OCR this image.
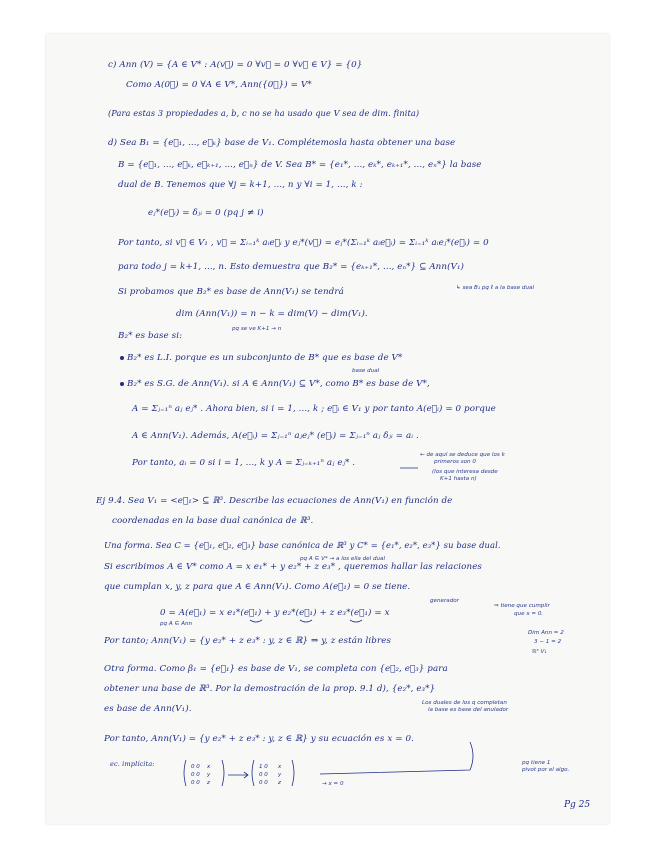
c) Ann (V) = {A ∈ V* : A(v⃗) = 0 ∀v⃗ = 0 ∀v⃗ ∈ V} = {0}
Como A(0⃗) = 0 ∀A ∈ V*, Ann({0⃗}) = V*
(Para estas 3 propiedades a, b, c no se ha usado que V sea de dim. finita)
d) Sea B₁ = {e⃗₁, ..., e⃗ₖ} base de V₁. Complétemosla hasta obtener una base
B = {e⃗₁, ..., e⃗ₖ, e⃗ₖ₊₁, ..., e⃗ₙ} de V. Sea B* = {e₁*, ..., eₖ*, eₖ₊₁*, ..., eₙ*} la base
dual de B. Tenemos que ∀j = k+1, ..., n y ∀i = 1, ..., k :
eⱼ*(e⃗ᵢ) = δⱼᵢ = 0 (pq j ≠ i)
Por tanto, si v⃗ ∈ V₁ , v⃗ = Σᵢ₌₁ᵏ aᵢe⃗ᵢ y eⱼ*(v⃗) = eⱼ*(Σᵢ₌₁ᵏ aᵢe⃗ᵢ) = Σᵢ₌₁ᵏ aᵢeⱼ*(e⃗ᵢ) = 0
para todo j = k+1, ..., n. Esto demuestra que B₂* = {eₖ₊₁*, ..., eₙ*} ⊆ Ann(V₁)
Si probamos que B₂* es base de Ann(V₁) se tendrá
dim (Ann(V₁)) = n − k = dim(V) − dim(V₁).
B₂* es base si:
B₂* es L.I. porque es un subconjunto de B* que es base de V*
B₂* es S.G. de Ann(V₁). si A ∈ Ann(V₁) ⊆ V*, como B* es base de V*,
A = Σⱼ₌₁ⁿ aⱼ eⱼ* . Ahora bien, si i = 1, ..., k ; e⃗ᵢ ∈ V₁ y por tanto A(e⃗ᵢ) = 0 porque
A ∈ Ann(V₁). Además, A(e⃗ᵢ) = Σⱼ₌₁ⁿ aⱼeⱼ* (e⃗ᵢ) = Σⱼ₌₁ⁿ aⱼ δⱼᵢ = aᵢ .
Por tanto, aᵢ = 0 si i = 1, ..., k y A = Σⱼ₌ₖ₊₁ⁿ aⱼ eⱼ* .
Ej 9.4. Sea V₁ = <e⃗₁> ⊆ ℝ³. Describe las ecuaciones de Ann(V₁) en función de
coordenadas en la base dual canónica de ℝ³.
Una forma. Sea C = {e⃗₁, e⃗₂, e⃗₃} base canónica de ℝ³ y C* = {e₁*, e₂*, e₃*} su base dual.
Si escribimos A ∈ V* como A = x e₁* + y e₂* + z e₃* , queremos hallar las relaciones
que cumplan x, y, z para que A ∈ Ann(V₁). Como A(e⃗₁) = 0 se tiene.
0 = A(e⃗₁) = x e₁*(e⃗₁) + y e₂*(e⃗₁) + z e₃*(e⃗₁) = x
Por tanto; Ann(V₁) = {y e₂* + z e₃* : y, z ∈ ℝ} ⇒ y, z están libres
Otra forma. Como β₁ = {e⃗₁} es base de V₁, se completa con {e⃗₂, e⃗₃} para
obtener una base de ℝ³. Por la demostración de la prop. 9.1 d), {e₂*, e₃*}
es base de Ann(V₁).
Por tanto, Ann(V₁) = {y e₂* + z e₃* : y, z ∈ ℝ} y su ecuación es x = 0.
ec. implícita:
↳ sea B₁ pq ℓ a la base dual
pq se ve K+1 → n
base dual
← de aquí se deduce que los k
primeros son 0
(los que interesa desde
K+1 hasta n)
pq A ∈ V* → a los ella del dual
⇒ tiene que cumplir
que x = 0.
Dim Ann = 2
3 − 1 = 2
ℝ³ V₁
Los duales de los q completan
la base es base del anulador
pq tiene 1
pivot por el algo.
pq A ∈ Ann
generador
→ x = 0
0 0
0 0
0 0
x
y
z
1 0
0 0
0 0
x
y
z
Pg 25
